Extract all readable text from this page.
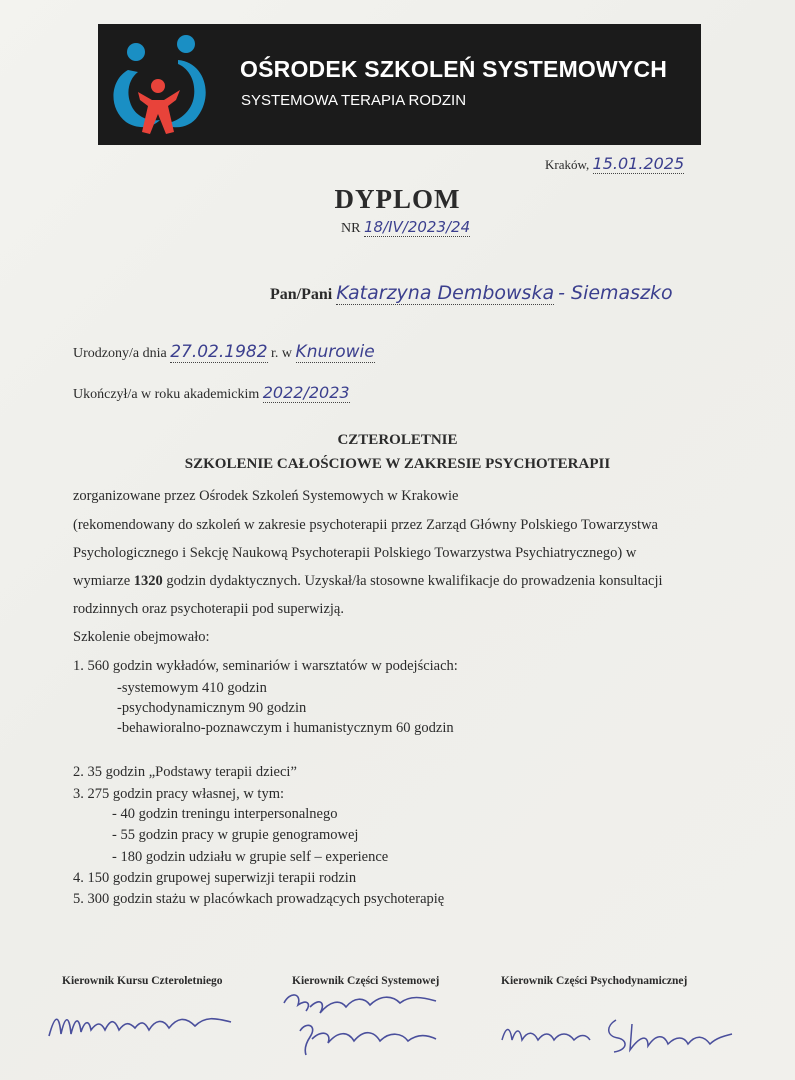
OŚRODEK SZKOLEŃ SYSTEMOWYCH
SYSTEMOWA TERAPIA RODZIN
Kraków, 15.01.2025
DYPLOM
NR 18/IV/2023/24
Pan/Pani Katarzyna Dembowska - Siemaszko
Urodzony/a dnia 27.02.1982 r. w Knurowie
Ukończył/a w roku akademickim 2022/2023
CZTEROLETNIE
SZKOLENIE CAŁOŚCIOWE W ZAKRESIE PSYCHOTERAPII
zorganizowane przez Ośrodek Szkoleń Systemowych w Krakowie
(rekomendowany do szkoleń w zakresie psychoterapii przez Zarząd Główny Polskiego Towarzystwa
Psychologicznego i Sekcję Naukową Psychoterapii Polskiego Towarzystwa Psychiatrycznego) w
wymiarze 1320 godzin dydaktycznych. Uzyskał/ła stosowne kwalifikacje do prowadzenia konsultacji
rodzinnych oraz psychoterapii pod superwizją.
Szkolenie obejmowało:
1. 560 godzin wykładów, seminariów i warsztatów w podejściach:
-systemowym 410 godzin
-psychodynamicznym 90 godzin
-behawioralno-poznawczym i humanistycznym 60 godzin
2. 35 godzin „Podstawy terapii dzieci”
3. 275 godzin pracy własnej, w tym:
- 40 godzin treningu interpersonalnego
- 55 godzin pracy w grupie genogramowej
- 180 godzin udziału w grupie self – experience
4. 150 godzin grupowej superwizji terapii rodzin
5. 300 godzin stażu w placówkach prowadzących psychoterapię
Kierownik Kursu Czteroletniego	Kierownik Części Systemowej	Kierownik Części Psychodynamicznej
